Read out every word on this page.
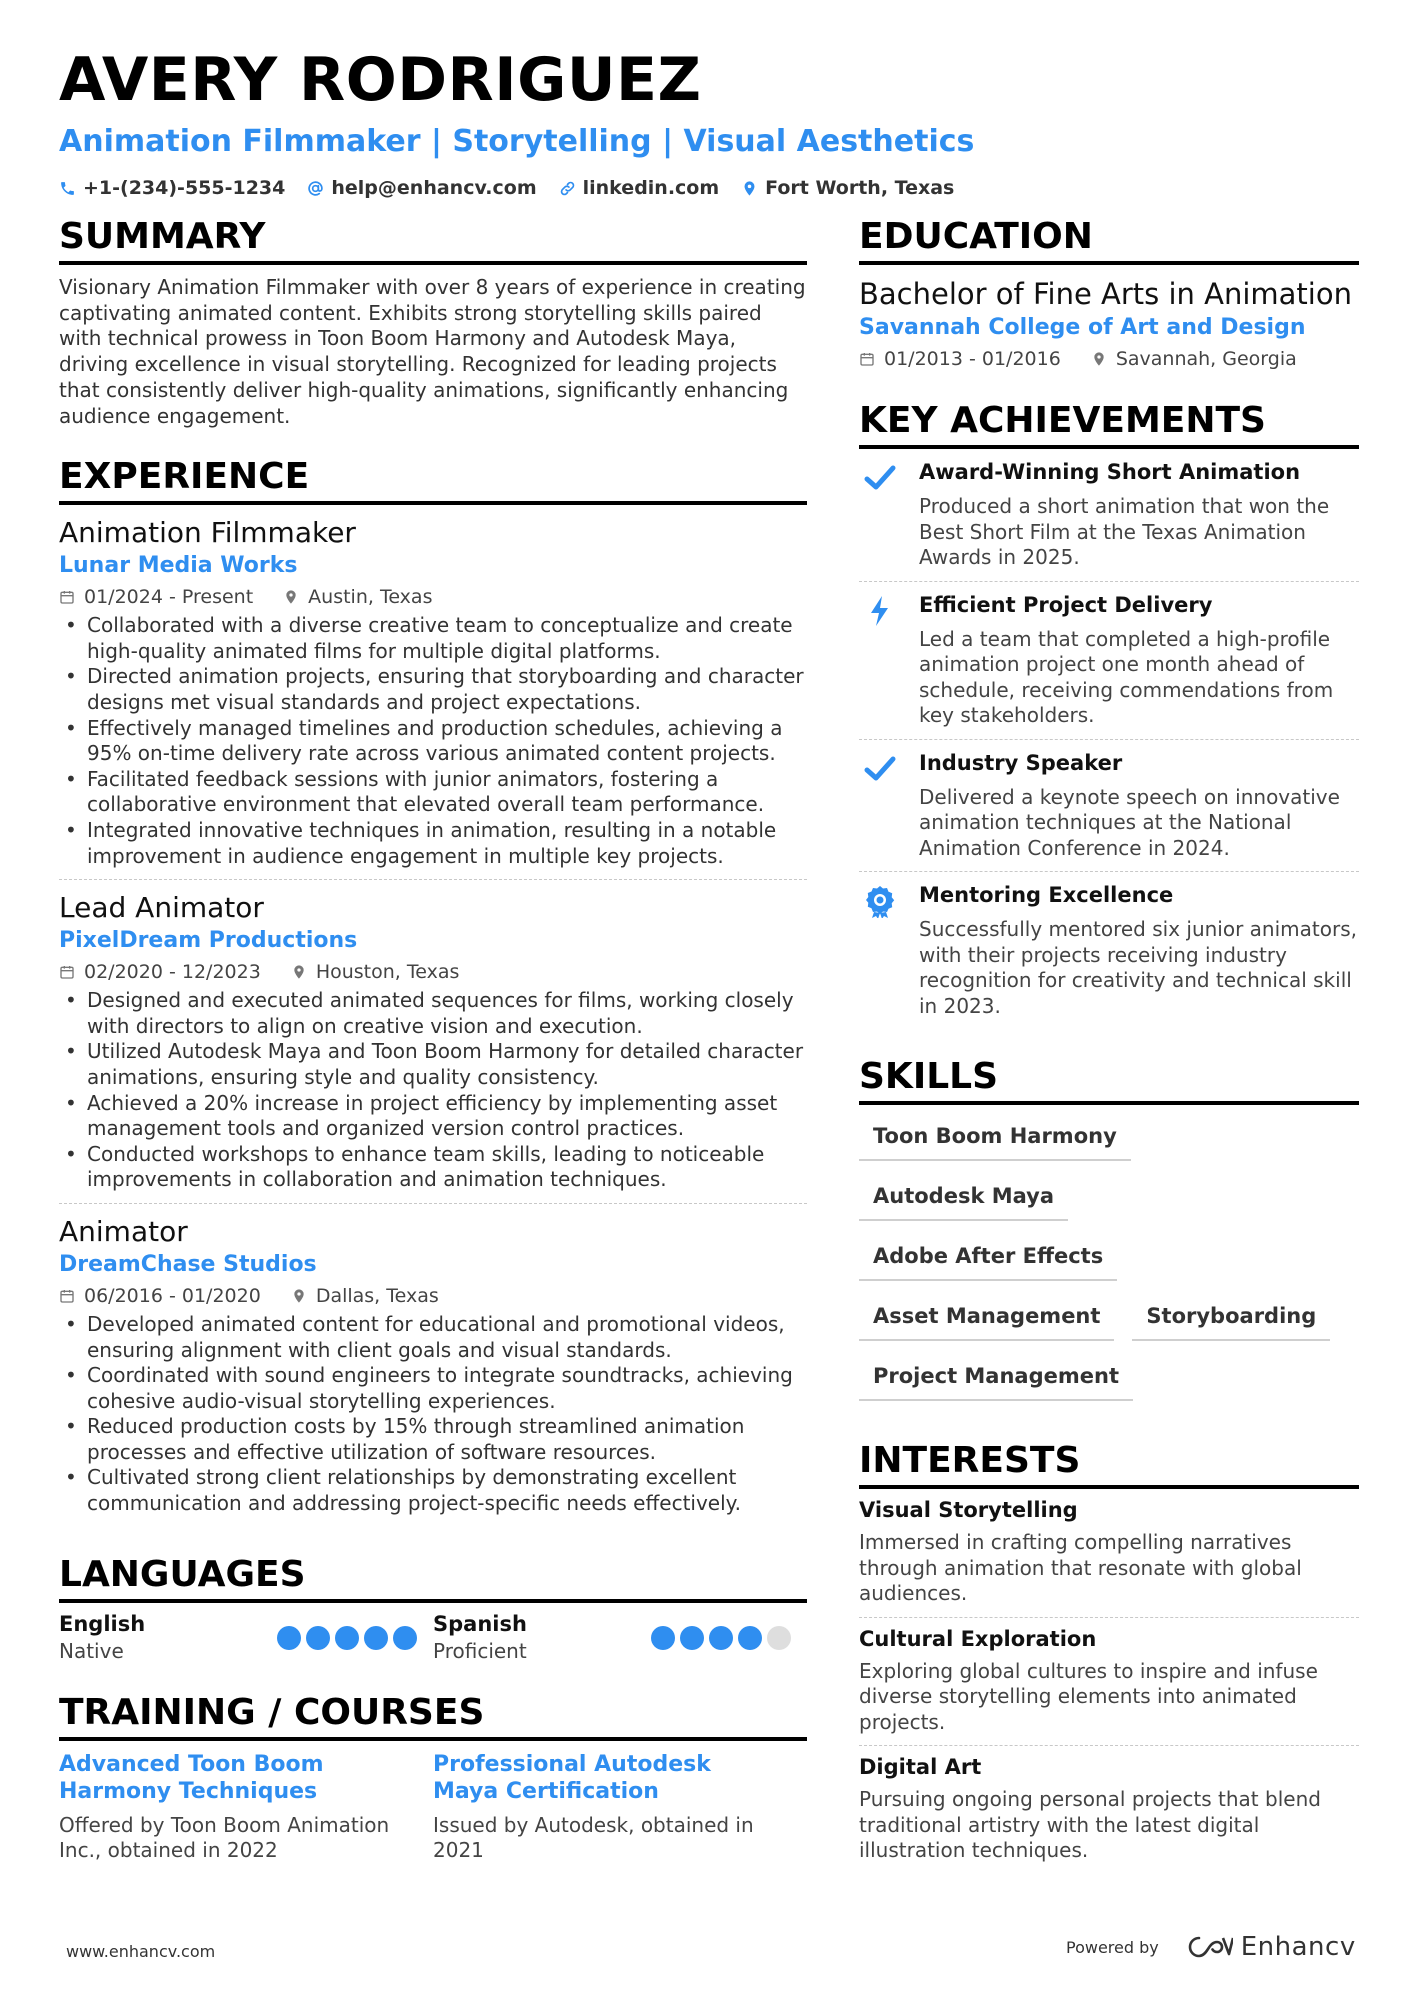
AVERY RODRIGUEZ
Animation Filmmaker | Storytelling | Visual Aesthetics
+1-(234)-555-1234 help@enhancv.com linkedin.com Fort Worth, Texas
SUMMARY
Visionary Animation Filmmaker with over 8 years of experience in creating captivating animated content. Exhibits strong storytelling skills paired with technical prowess in Toon Boom Harmony and Autodesk Maya, driving excellence in visual storytelling. Recognized for leading projects that consistently deliver high-quality animations, significantly enhancing audience engagement.
EXPERIENCE
Animation Filmmaker
Lunar Media Works
01/2024 - Present	Austin, Texas
• Collaborated with a diverse creative team to conceptualize and create high-quality animated films for multiple digital platforms.
• Directed animation projects, ensuring that storyboarding and character designs met visual standards and project expectations.
• Effectively managed timelines and production schedules, achieving a 95% on-time delivery rate across various animated content projects.
• Facilitated feedback sessions with junior animators, fostering a collaborative environment that elevated overall team performance.
• Integrated innovative techniques in animation, resulting in a notable improvement in audience engagement in multiple key projects.
Lead Animator
PixelDream Productions
02/2020 - 12/2023	Houston, Texas
• Designed and executed animated sequences for films, working closely with directors to align on creative vision and execution.
• Utilized Autodesk Maya and Toon Boom Harmony for detailed character animations, ensuring style and quality consistency.
• Achieved a 20% increase in project efficiency by implementing asset management tools and organized version control practices.
• Conducted workshops to enhance team skills, leading to noticeable improvements in collaboration and animation techniques.
Animator
DreamChase Studios
06/2016 - 01/2020	Dallas, Texas
• Developed animated content for educational and promotional videos, ensuring alignment with client goals and visual standards.
• Coordinated with sound engineers to integrate soundtracks, achieving cohesive audio-visual storytelling experiences.
• Reduced production costs by 15% through streamlined animation processes and effective utilization of software resources.
• Cultivated strong client relationships by demonstrating excellent communication and addressing project-specific needs effectively.
LANGUAGES
English
Native
Spanish
Proficient
TRAINING / COURSES
Advanced Toon Boom Harmony Techniques
Offered by Toon Boom Animation Inc., obtained in 2022
Professional Autodesk Maya Certification
Issued by Autodesk, obtained in 2021
EDUCATION
Bachelor of Fine Arts in Animation
Savannah College of Art and Design
01/2013 - 01/2016	Savannah, Georgia
KEY ACHIEVEMENTS
Award-Winning Short Animation
Produced a short animation that won the Best Short Film at the Texas Animation Awards in 2025.
Efficient Project Delivery
Led a team that completed a high-profile animation project one month ahead of schedule, receiving commendations from key stakeholders.
Industry Speaker
Delivered a keynote speech on innovative animation techniques at the National Animation Conference in 2024.
Mentoring Excellence
Successfully mentored six junior animators, with their projects receiving industry recognition for creativity and technical skill in 2023.
SKILLS
Toon Boom Harmony
Autodesk Maya
Adobe After Effects
Asset Management	Storyboarding
Project Management
INTERESTS
Visual Storytelling
Immersed in crafting compelling narratives through animation that resonate with global audiences.
Cultural Exploration
Exploring global cultures to inspire and infuse diverse storytelling elements into animated projects.
Digital Art
Pursuing ongoing personal projects that blend traditional artistry with the latest digital illustration techniques.
www.enhancv.com	Powered by	Enhancv
